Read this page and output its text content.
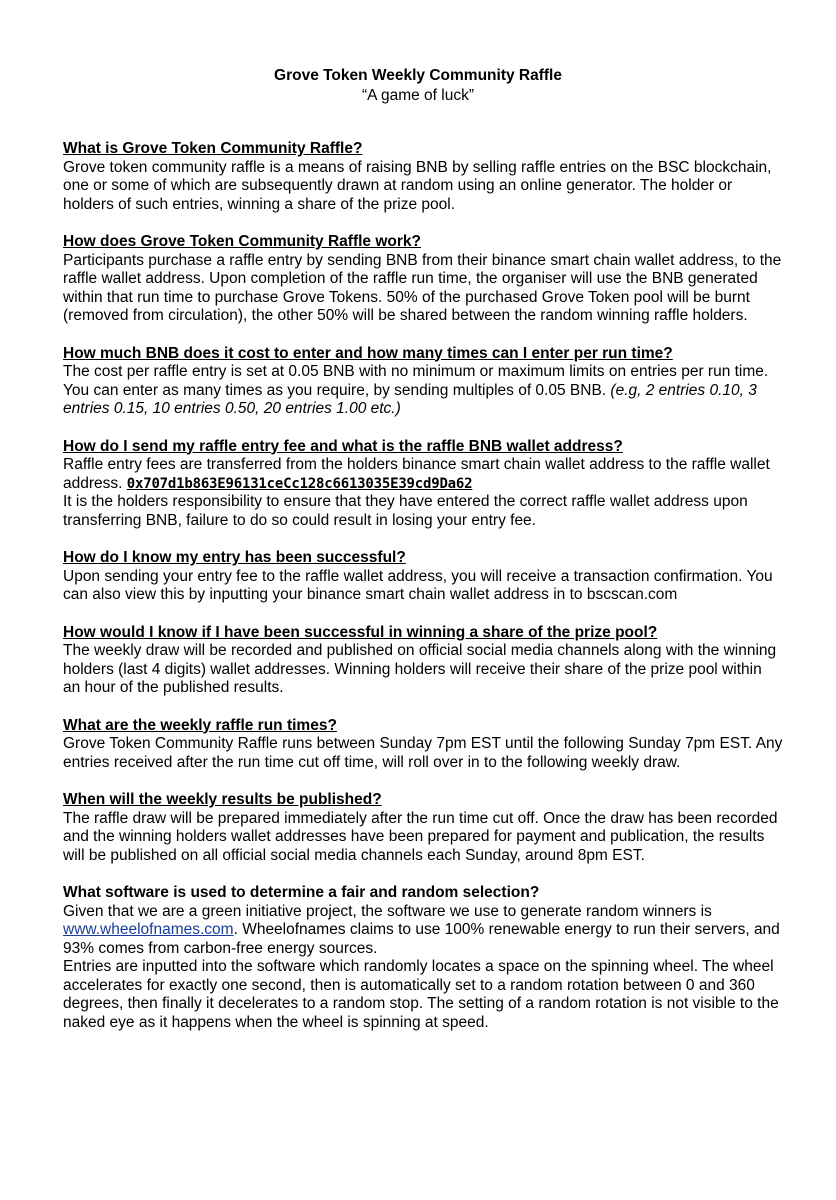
Grove Token Weekly Community Raffle

“A game of luck”

What is Grove Token Community Raffle?

Grove token community raffle is a means of raising BNB by selling raffle entries on the BSC blockchain, one or some of which are subsequently drawn at random using an online generator. The holder or holders of such entries, winning a share of the prize pool.

How does Grove Token Community Raffle work?

Participants purchase a raffle entry by sending BNB from their binance smart chain wallet address, to the raffle wallet address. Upon completion of the raffle run time, the organiser will use the BNB generated within that run time to purchase Grove Tokens. 50% of the purchased Grove Token pool will be burnt (removed from circulation), the other 50% will be shared between the random winning raffle holders.

How much BNB does it cost to enter and how many times can I enter per run time?

The cost per raffle entry is set at 0.05 BNB with no minimum or maximum limits on entries per run time. You can enter as many times as you require, by sending multiples of 0.05 BNB. (e.g, 2 entries 0.10, 3 entries 0.15, 10 entries 0.50, 20 entries 1.00 etc.)

How do I send my raffle entry fee and what is the raffle BNB wallet address?

Raffle entry fees are transferred from the holders binance smart chain wallet address to the raffle wallet address. 0x707d1b863E96131ceCc128c6613035E39cd9Da62

It is the holders responsibility to ensure that they have entered the correct raffle wallet address upon transferring BNB, failure to do so could result in losing your entry fee.

How do I know my entry has been successful?

Upon sending your entry fee to the raffle wallet address, you will receive a transaction confirmation. You can also view this by inputting your binance smart chain wallet address in to bscscan.com

How would I know if I have been successful in winning a share of the prize pool?

The weekly draw will be recorded and published on official social media channels along with the winning holders (last 4 digits) wallet addresses. Winning holders will receive their share of the prize pool within an hour of the published results.

What are the weekly raffle run times?

Grove Token Community Raffle runs between Sunday 7pm EST until the following Sunday 7pm EST. Any entries received after the run time cut off time, will roll over in to the following weekly draw.

When will the weekly results be published?

The raffle draw will be prepared immediately after the run time cut off. Once the draw has been recorded and the winning holders wallet addresses have been prepared for payment and publication, the results will be published on all official social media channels each Sunday, around 8pm EST.

What software is used to determine a fair and random selection?

Given that we are a green initiative project, the software we use to generate random winners is
www.wheelofnames.com. Wheelofnames claims to use 100% renewable energy to run their servers, and 93% comes from carbon-free energy sources.

Entries are inputted into the software which randomly locates a space on the spinning wheel. The wheel accelerates for exactly one second, then is automatically set to a random rotation between 0 and 360 degrees, then finally it decelerates to a random stop. The setting of a random rotation is not visible to the naked eye as it happens when the wheel is spinning at speed.
